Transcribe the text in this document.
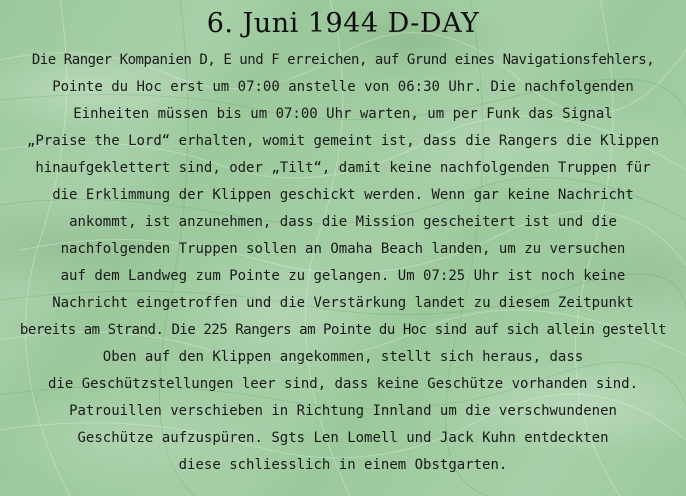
6. Juni 1944 D-DAY
Die Ranger Kompanien D, E und F erreichen, auf Grund eines Navigationsfehlers,
Pointe du Hoc erst um 07:00 anstelle von 06:30 Uhr. Die nachfolgenden
Einheiten müssen bis um 07:00 Uhr warten, um per Funk das Signal
„Praise the Lord“ erhalten, womit gemeint ist, dass die Rangers die Klippen
hinaufgeklettert sind, oder „Tilt“, damit keine nachfolgenden Truppen für
die Erklimmung der Klippen geschickt werden. Wenn gar keine Nachricht
ankommt, ist anzunehmen, dass die Mission gescheitert ist und die
nachfolgenden Truppen sollen an Omaha Beach landen, um zu versuchen
auf dem Landweg zum Pointe zu gelangen. Um 07:25 Uhr ist noch keine
Nachricht eingetroffen und die Verstärkung landet zu diesem Zeitpunkt
bereits am Strand. Die 225 Rangers am Pointe du Hoc sind auf sich allein gestellt
Oben auf den Klippen angekommen, stellt sich heraus, dass
die Geschützstellungen leer sind, dass keine Geschütze vorhanden sind.
Patrouillen verschieben in Richtung Innland um die verschwundenen
Geschütze aufzuspüren. Sgts Len Lomell und Jack Kuhn entdeckten
diese schliesslich in einem Obstgarten.
